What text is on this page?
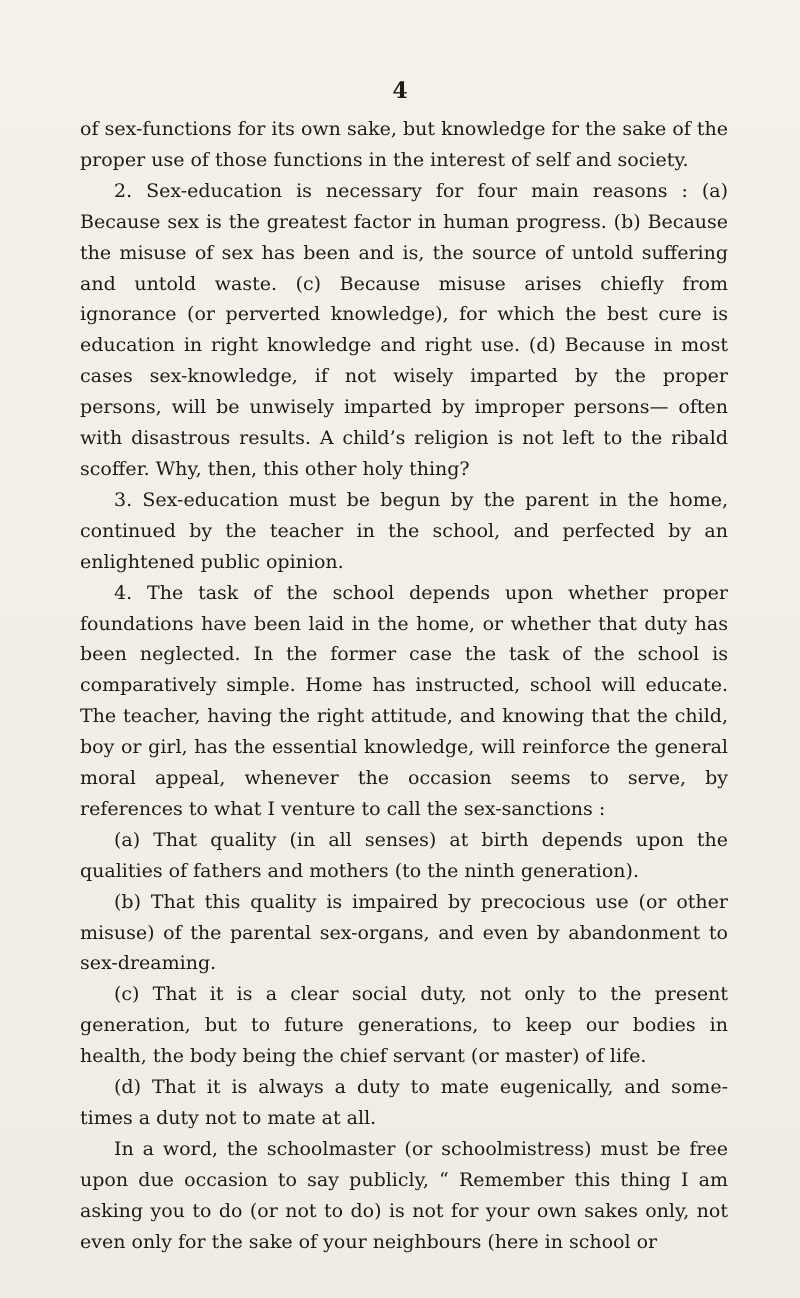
4

of sex-functions for its own sake, but knowledge for the sake of the proper use of those functions in the interest of self and society.

2. Sex-education is necessary for four main reasons : (a) Because sex is the greatest factor in human progress. (b) Because the misuse of sex has been and is, the source of untold suffering and untold waste. (c) Because misuse arises chiefly from ignorance (or perverted knowledge), for which the best cure is education in right knowledge and right use. (d) Because in most cases sex-knowledge, if not wisely imparted by the proper persons, will be unwisely imparted by improper persons— often with disastrous results. A child’s religion is not left to the ribald scoffer. Why, then, this other holy thing?

3. Sex-education must be begun by the parent in the home, continued by the teacher in the school, and perfected by an enlightened public opinion.

4. The task of the school depends upon whether proper foundations have been laid in the home, or whether that duty has been neglected. In the former case the task of the school is comparatively simple. Home has instructed, school will educate. The teacher, having the right attitude, and knowing that the child, boy or girl, has the essential knowledge, will reinforce the general moral appeal, whenever the occasion seems to serve, by references to what I venture to call the sex-sanctions :

(a) That quality (in all senses) at birth depends upon the qualities of fathers and mothers (to the ninth generation).

(b) That this quality is impaired by precocious use (or other misuse) of the parental sex-organs, and even by abandonment to sex-dreaming.

(c) That it is a clear social duty, not only to the present generation, but to future generations, to keep our bodies in health, the body being the chief servant (or master) of life.

(d) That it is always a duty to mate eugenically, and some- times a duty not to mate at all.

In a word, the schoolmaster (or schoolmistress) must be free upon due occasion to say publicly, “ Remember this thing I am asking you to do (or not to do) is not for your own sakes only, not even only for the sake of your neighbours (here in school or
